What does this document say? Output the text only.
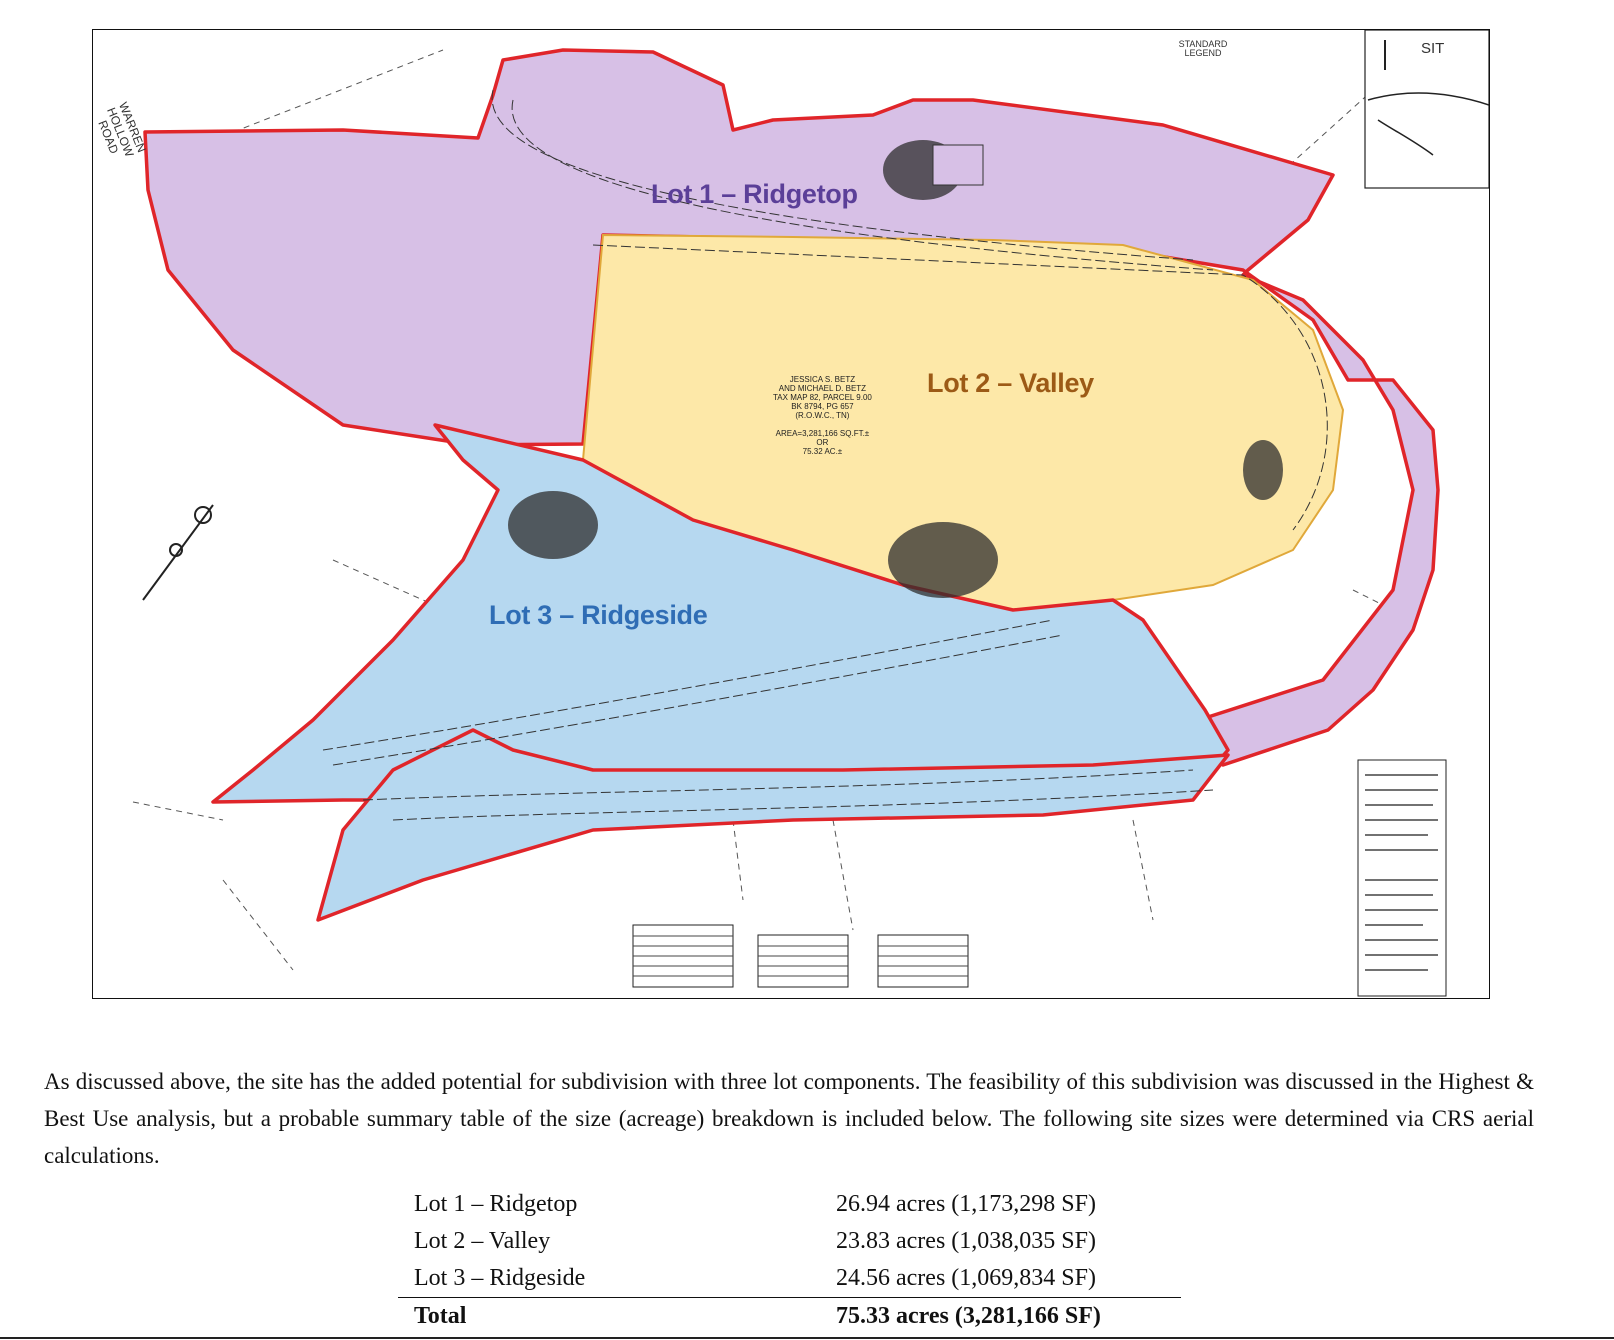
Lot 1 – Ridgetop
Lot 2 – Valley
Lot 3 – Ridgeside
JESSICA S. BETZ
AND MICHAEL D. BETZ
TAX MAP 82, PARCEL 9.00
BK 8794, PG 657
(R.O.W.C., TN)

AREA=3,281,166 SQ.FT.±
OR
75.32 AC.±
STANDARD LEGEND	SIT
WARREN HOLLOW ROAD

As discussed above, the site has the added potential for subdivision with three lot components. The feasibility of this subdivision was discussed in the Highest & Best Use analysis, but a probable summary table of the size (acreage) breakdown is included below. The following site sizes were determined via CRS aerial calculations.

Lot 1 – Ridgetop	26.94 acres (1,173,298 SF)
Lot 2 – Valley	23.83 acres (1,038,035 SF)
Lot 3 – Ridgeside	24.56 acres (1,069,834 SF)
Total	75.33 acres (3,281,166 SF)
